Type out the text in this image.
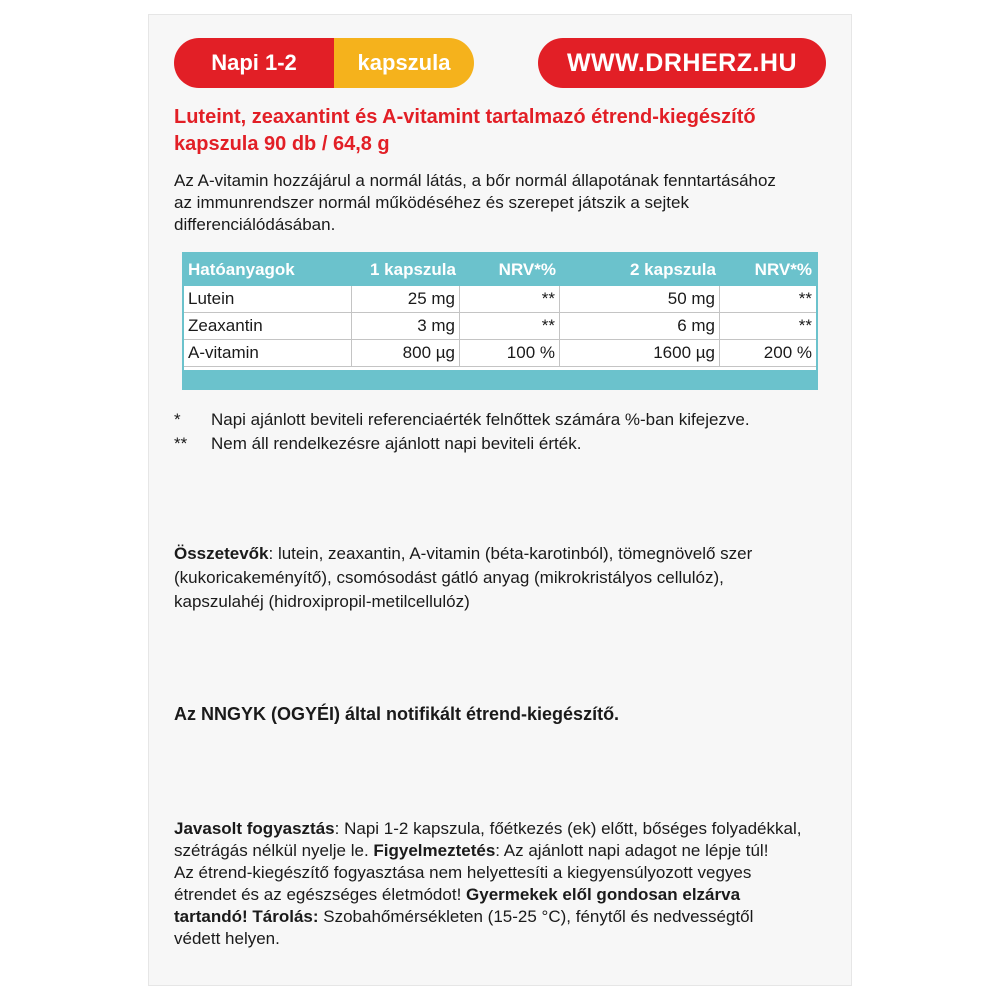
Napi 1-2	kapszula	WWW.DRHERZ.HU
Luteint, zeaxantint és A-vitamint tartalmazó étrend-kiegészítő
kapszula 90 db / 64,8 g
Az A-vitamin hozzájárul a normál látás, a bőr normál állapotának fenntartásához
az immunrendszer normál működéséhez és szerepet játszik a sejtek
differenciálódásában.
Hatóanyagok	1 kapszula	NRV*%	2 kapszula	NRV*%
Lutein	25 mg	**	50 mg	**
Zeaxantin	3 mg	**	6 mg	**
A-vitamin	800 µg	100 %	1600 µg	200 %
*	Napi ajánlott beviteli referenciaérték felnőttek számára %-ban kifejezve.
**	Nem áll rendelkezésre ajánlott napi beviteli érték.
Összetevők: lutein, zeaxantin, A-vitamin (béta-karotinból), tömegnövelő szer
(kukoricakeményítő), csomósodást gátló anyag (mikrokristályos cellulóz),
kapszulahéj (hidroxipropil-metilcellulóz)
Az NNGYK (OGYÉI) által notifikált étrend-kiegészítő.
Javasolt fogyasztás: Napi 1-2 kapszula, főétkezés (ek) előtt, bőséges folyadékkal,
szétrágás nélkül nyelje le. Figyelmeztetés: Az ajánlott napi adagot ne lépje túl!
Az étrend-kiegészítő fogyasztása nem helyettesíti a kiegyensúlyozott vegyes
étrendet és az egészséges életmódot! Gyermekek elől gondosan elzárva
tartandó! Tárolás: Szobahőmérsékleten (15-25 °C), fénytől és nedvességtől
védett helyen.
